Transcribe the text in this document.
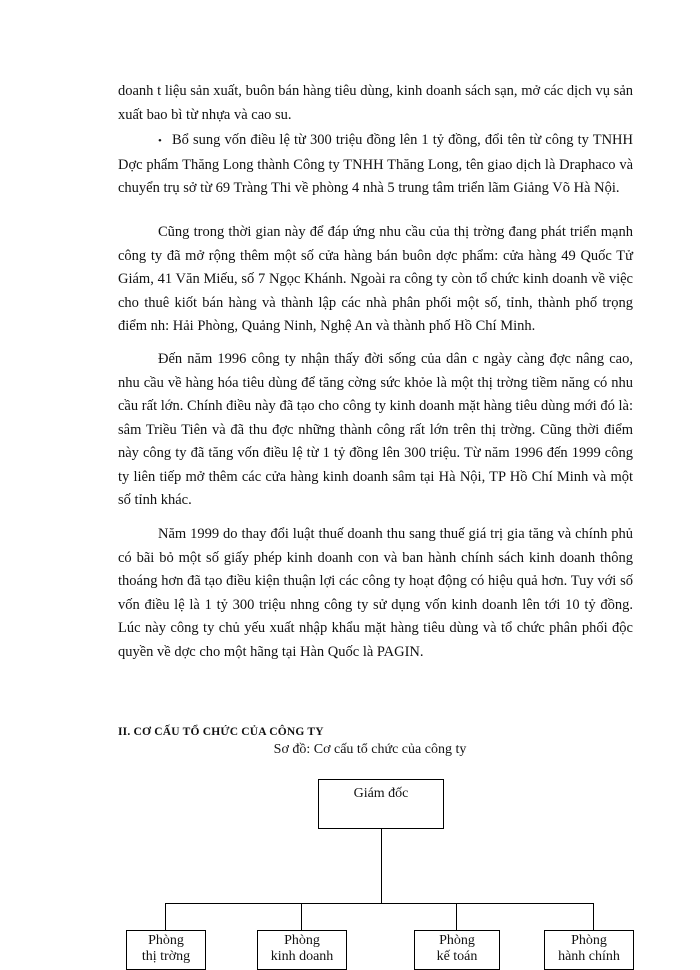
doanh t liệu sản xuất, buôn bán hàng tiêu dùng, kinh doanh sách sạn, mở các dịch vụ sản xuất bao bì từ nhựa và cao su.

• Bổ sung vốn điều lệ từ 300 triệu đồng lên 1 tỷ đồng, đổi tên từ công ty TNHH Dợc phẩm Thăng Long thành Công ty TNHH Thăng Long, tên giao dịch là Draphaco và chuyển trụ sở từ 69 Tràng Thi về phòng 4 nhà 5 trung tâm triển lãm Giảng Võ Hà Nội.

Cũng trong thời gian này để đáp ứng nhu cầu của thị trờng đang phát triển mạnh công ty đã mở rộng thêm một số cửa hàng bán buôn dợc phẩm: cửa hàng 49 Quốc Tử Giám, 41 Văn Miếu, số 7 Ngọc Khánh. Ngoài ra công ty còn tổ chức kinh doanh về việc cho thuê kiốt bán hàng và thành lập các nhà phân phối một số, tỉnh, thành phố trọng điểm nh: Hải Phòng, Quảng Ninh, Nghệ An và thành phố Hồ Chí Minh.

Đến năm 1996 công ty nhận thấy đời sống của dân c ngày càng đợc nâng cao, nhu cầu về hàng hóa tiêu dùng để tăng cờng sức khỏe là một thị trờng tiềm năng có nhu cầu rất lớn. Chính điều này đã tạo cho công ty kinh doanh mặt hàng tiêu dùng mới đó là: sâm Triều Tiên và đã thu đợc những thành công rất lớn trên thị trờng. Cũng thời điểm này công ty đã tăng vốn điều lệ từ 1 tỷ đồng lên 300 triệu. Từ năm 1996 đến 1999 công ty liên tiếp mở thêm các cửa hàng kinh doanh sâm tại Hà Nội, TP Hồ Chí Minh và một số tỉnh khác.

Năm 1999 do thay đổi luật thuế doanh thu sang thuế giá trị gia tăng và chính phủ có bãi bỏ một số giấy phép kinh doanh con và ban hành chính sách kinh doanh thông thoáng hơn đã tạo điều kiện thuận lợi các công ty hoạt động có hiệu quả hơn. Tuy với số vốn điều lệ là 1 tỷ 300 triệu nhng công ty sử dụng vốn kinh doanh lên tới 10 tỷ đồng. Lúc này công ty chủ yếu xuất nhập khẩu mặt hàng tiêu dùng và tổ chức phân phối độc quyền về dợc cho một hãng tại Hàn Quốc là PAGIN.

II. CƠ CẤU TỔ CHỨC CỦA CÔNG TY

Sơ đồ: Cơ cấu tổ chức của công ty

Giám đốc
Phòng
thị trờng
Phòng
kinh doanh
Phòng
kế toán
Phòng
hành chính
